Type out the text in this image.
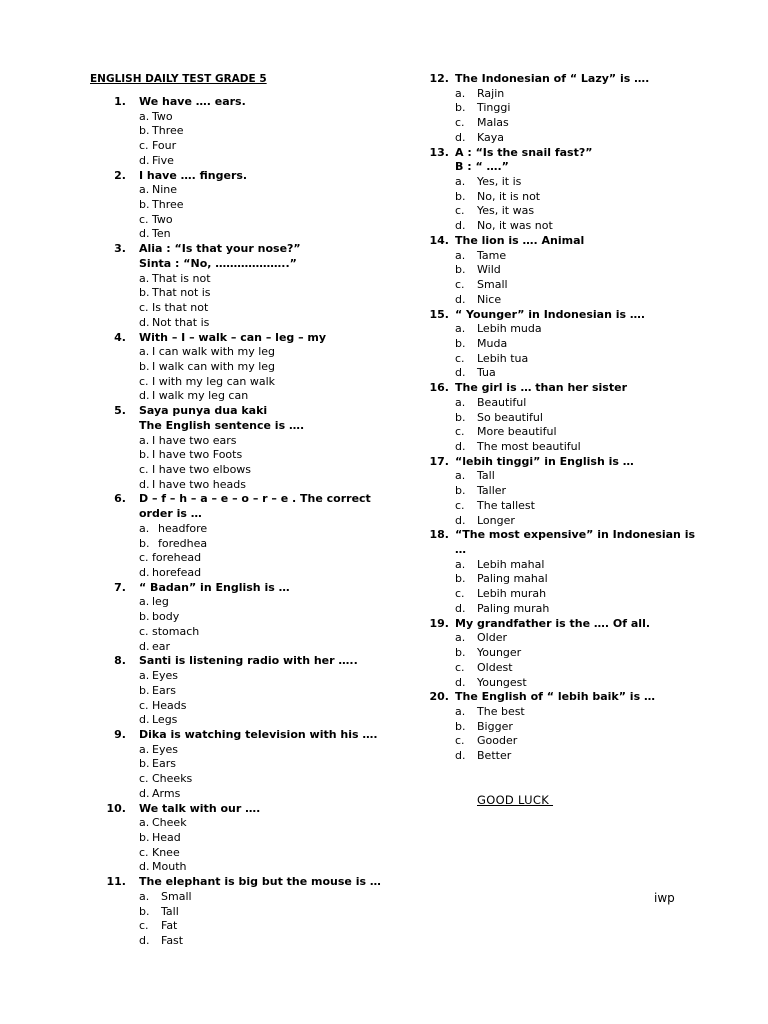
ENGLISH DAILY TEST GRADE 5
1. We have …. ears.
a. Two
b. Three
c. Four
d. Five
2. I have …. fingers.
a. Nine
b. Three
c. Two
d. Ten
3. Alia : “Is that your nose?”
Sinta : “No, ………………..”
a. That is not
b. That not is
c. Is that not
d. Not that is
4. With – I – walk – can – leg – my
a. I can walk with my leg
b. I walk can with my leg
c. I with my leg can walk
d. I walk my leg can
5. Saya punya dua kaki
The English sentence is ….
a. I have two ears
b. I have two Foots
c. I have two elbows
d. I have two heads
6. D – f – h – a – e – o – r – e . The correct
order is …
a. headfore
b. foredhea
c. forehead
d. horefead
7. “ Badan” in English is …
a. leg
b. body
c. stomach
d. ear
8. Santi is listening radio with her …..
a. Eyes
b. Ears
c. Heads
d. Legs
9. Dika is watching television with his ….
a. Eyes
b. Ears
c. Cheeks
d. Arms
10. We talk with our ….
a. Cheek
b. Head
c. Knee
d. Mouth
11. The elephant is big but the mouse is …
a. Small
b. Tall
c. Fat
d. Fast
12. The Indonesian of “ Lazy” is ….
a. Rajin
b. Tinggi
c. Malas
d. Kaya
13. A : “Is the snail fast?”
B : “ ….”
a. Yes, it is
b. No, it is not
c. Yes, it was
d. No, it was not
14. The lion is …. Animal
a. Tame
b. Wild
c. Small
d. Nice
15. “ Younger” in Indonesian is ….
a. Lebih muda
b. Muda
c. Lebih tua
d. Tua
16. The girl is … than her sister
a. Beautiful
b. So beautiful
c. More beautiful
d. The most beautiful
17. “lebih tinggi” in English is …
a. Tall
b. Taller
c. The tallest
d. Longer
18. “The most expensive” in Indonesian is
…
a. Lebih mahal
b. Paling mahal
c. Lebih murah
d. Paling murah
19. My grandfather is the …. Of all.
a. Older
b. Younger
c. Oldest
d. Youngest
20. The English of “ lebih baik” is …
a. The best
b. Bigger
c. Gooder
d. Better
GOOD LUCK
iwp
